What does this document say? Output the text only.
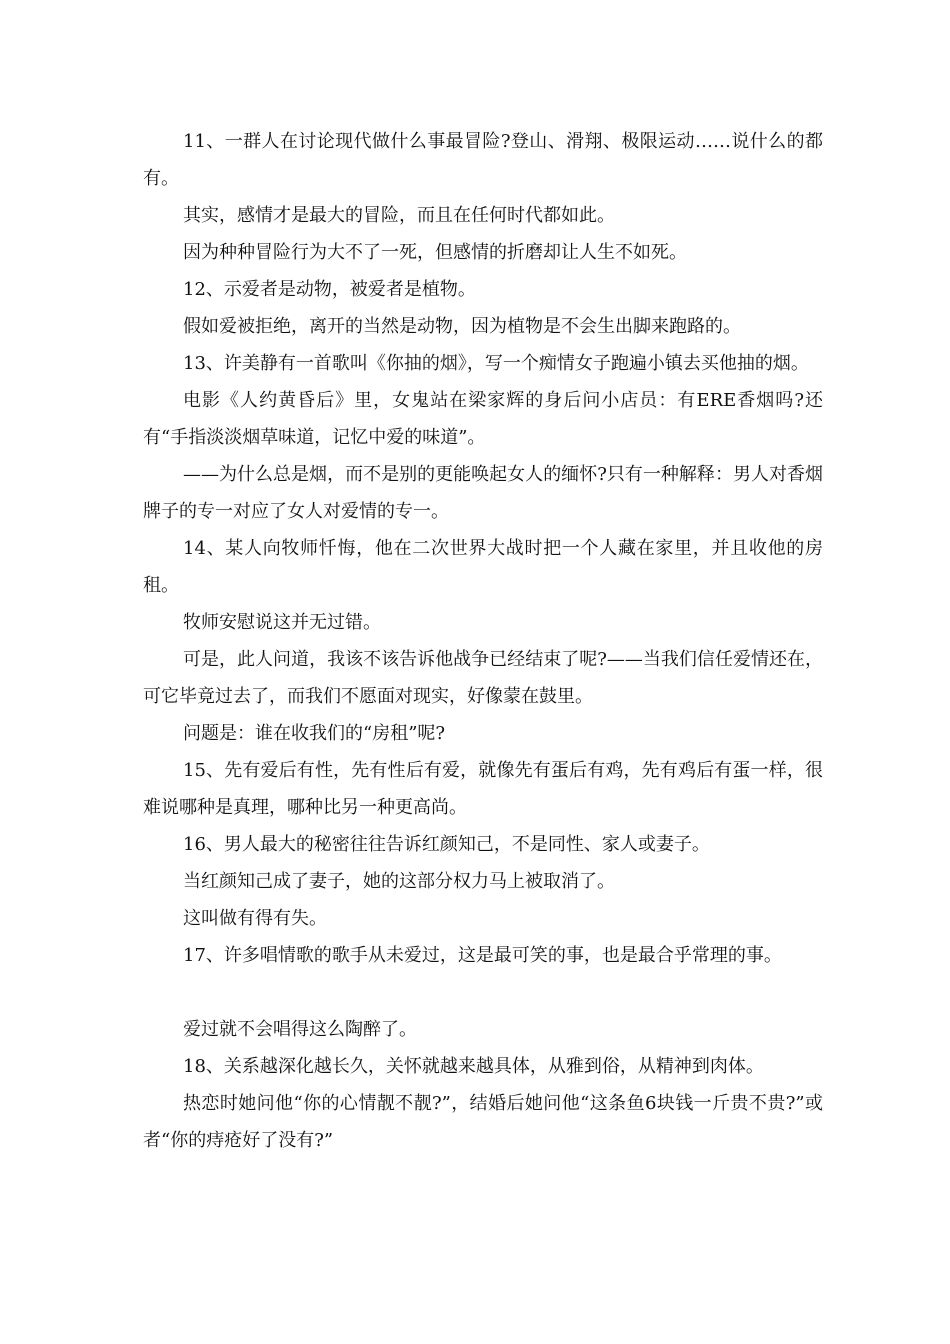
11、一群人在讨论现代做什么事最冒险?登山、滑翔、极限运动……说什么的都有。

其实，感情才是最大的冒险，而且在任何时代都如此。

因为种种冒险行为大不了一死，但感情的折磨却让人生不如死。

12、示爱者是动物，被爱者是植物。

假如爱被拒绝，离开的当然是动物，因为植物是不会生出脚来跑路的。

13、许美静有一首歌叫《你抽的烟》，写一个痴情女子跑遍小镇去买他抽的烟。

电影《人约黄昏后》里，女鬼站在梁家辉的身后问小店员：有ERE香烟吗?还有“手指淡淡烟草味道，记忆中爱的味道”。

——为什么总是烟，而不是别的更能唤起女人的缅怀?只有一种解释：男人对香烟牌子的专一对应了女人对爱情的专一。

14、某人向牧师忏悔，他在二次世界大战时把一个人藏在家里，并且收他的房租。

牧师安慰说这并无过错。

可是，此人问道，我该不该告诉他战争已经结束了呢?——当我们信任爱情还在，可它毕竟过去了，而我们不愿面对现实，好像蒙在鼓里。

问题是：谁在收我们的“房租”呢?

15、先有爱后有性，先有性后有爱，就像先有蛋后有鸡，先有鸡后有蛋一样，很难说哪种是真理，哪种比另一种更高尚。

16、男人最大的秘密往往告诉红颜知己，不是同性、家人或妻子。

当红颜知己成了妻子，她的这部分权力马上被取消了。

这叫做有得有失。

17、许多唱情歌的歌手从未爱过，这是最可笑的事，也是最合乎常理的事。

爱过就不会唱得这么陶醉了。

18、关系越深化越长久，关怀就越来越具体，从雅到俗，从精神到肉体。

热恋时她问他“你的心情靓不靓?”，结婚后她问他“这条鱼6块钱一斤贵不贵?”或者“你的痔疮好了没有?”
